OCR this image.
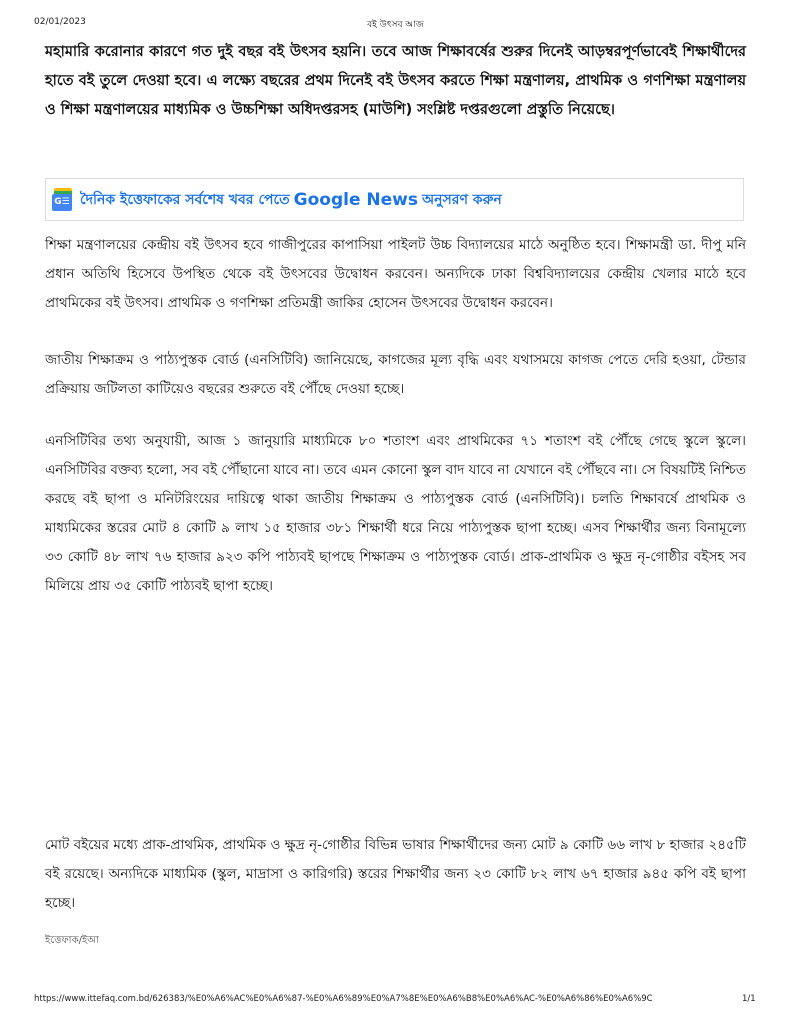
02/01/2023	বই উৎসব আজ

মহামারি করোনার কারণে গত দুই বছর বই উৎসব হয়নি। তবে আজ শিক্ষাবর্ষের শুরুর দিনেই আড়ম্বরপূর্ণভাবেই শিক্ষার্থীদের হাতে বই তুলে দেওয়া হবে। এ লক্ষ্যে বছরের প্রথম দিনেই বই উৎসব করতে শিক্ষা মন্ত্রণালয়, প্রাথমিক ও গণশিক্ষা মন্ত্রণালয় ও শিক্ষা মন্ত্রণালয়ের মাধ্যমিক ও উচ্চশিক্ষা অধিদপ্তরসহ (মাউশি) সংশ্লিষ্ট দপ্তরগুলো প্রস্তুতি নিয়েছে।

G☰ দৈনিক ইত্তেফাকের সর্বশেষ খবর পেতে Google News অনুসরণ করুন

শিক্ষা মন্ত্রণালয়ের কেন্দ্রীয় বই উৎসব হবে গাজীপুরের কাপাসিয়া পাইলট উচ্চ বিদ্যালয়ের মাঠে অনুষ্ঠিত হবে। শিক্ষামন্ত্রী ডা. দীপু মনি প্রধান অতিথি হিসেবে উপস্থিত থেকে বই উৎসবের উদ্বোধন করবেন। অন্যদিকে ঢাকা বিশ্ববিদ্যালয়ের কেন্দ্রীয় খেলার মাঠে হবে প্রাথমিকের বই উৎসব। প্রাথমিক ও গণশিক্ষা প্রতিমন্ত্রী জাকির হোসেন উৎসবের উদ্বোধন করবেন।

জাতীয় শিক্ষাক্রম ও পাঠ্যপুস্তক বোর্ড (এনসিটিবি) জানিয়েছে, কাগজের মূল্য বৃদ্ধি এবং যথাসময়ে কাগজ পেতে দেরি হওয়া, টেন্ডার প্রক্রিয়ায় জটিলতা কাটিয়েও বছরের শুরুতে বই পৌঁছে দেওয়া হচ্ছে।

এনসিটিবির তথ্য অনুযায়ী, আজ ১ জানুয়ারি মাধ্যমিকে ৮০ শতাংশ এবং প্রাথমিকের ৭১ শতাংশ বই পৌঁছে গেছে স্কুলে স্কুলে। এনসিটিবির বক্তব্য হলো, সব বই পৌঁছানো যাবে না। তবে এমন কোনো স্কুল বাদ যাবে না যেখানে বই পৌঁছবে না। সে বিষয়টিই নিশ্চিত করছে বই ছাপা ও মনিটরিংয়ের দায়িত্বে থাকা জাতীয় শিক্ষাক্রম ও পাঠ্যপুস্তক বোর্ড (এনসিটিবি)। চলতি শিক্ষাবর্ষে প্রাথমিক ও মাধ্যমিকের স্তরের মোট ৪ কোটি ৯ লাখ ১৫ হাজার ৩৮১ শিক্ষার্থী ধরে নিয়ে পাঠ্যপুস্তক ছাপা হচ্ছে। এসব শিক্ষার্থীর জন্য বিনামূল্যে ৩৩ কোটি ৪৮ লাখ ৭৬ হাজার ৯২৩ কপি পাঠ্যবই ছাপছে শিক্ষাক্রম ও পাঠ্যপুস্তক বোর্ড। প্রাক-প্রাথমিক ও ক্ষুদ্র নৃ-গোষ্ঠীর বইসহ সব মিলিয়ে প্রায় ৩৫ কোটি পাঠ্যবই ছাপা হচ্ছে।

মোট বইয়ের মধ্যে প্রাক-প্রাথমিক, প্রাথমিক ও ক্ষুদ্র নৃ-গোষ্ঠীর বিভিন্ন ভাষার শিক্ষার্থীদের জন্য মোট ৯ কোটি ৬৬ লাখ ৮ হাজার ২৪৫টি বই রয়েছে। অন্যদিকে মাধ্যমিক (স্কুল, মাদ্রাসা ও কারিগরি) স্তরের শিক্ষার্থীর জন্য ২৩ কোটি ৮২ লাখ ৬৭ হাজার ৯৪৫ কপি বই ছাপা হচ্ছে।

ইত্তেফাক/ইআ
https://www.ittefaq.com.bd/626383/%E0%A6%AC%E0%A6%87-%E0%A6%89%E0%A7%8E%E0%A6%B8%E0%A6%AC-%E0%A6%86%E0%A6%9C	1/1
